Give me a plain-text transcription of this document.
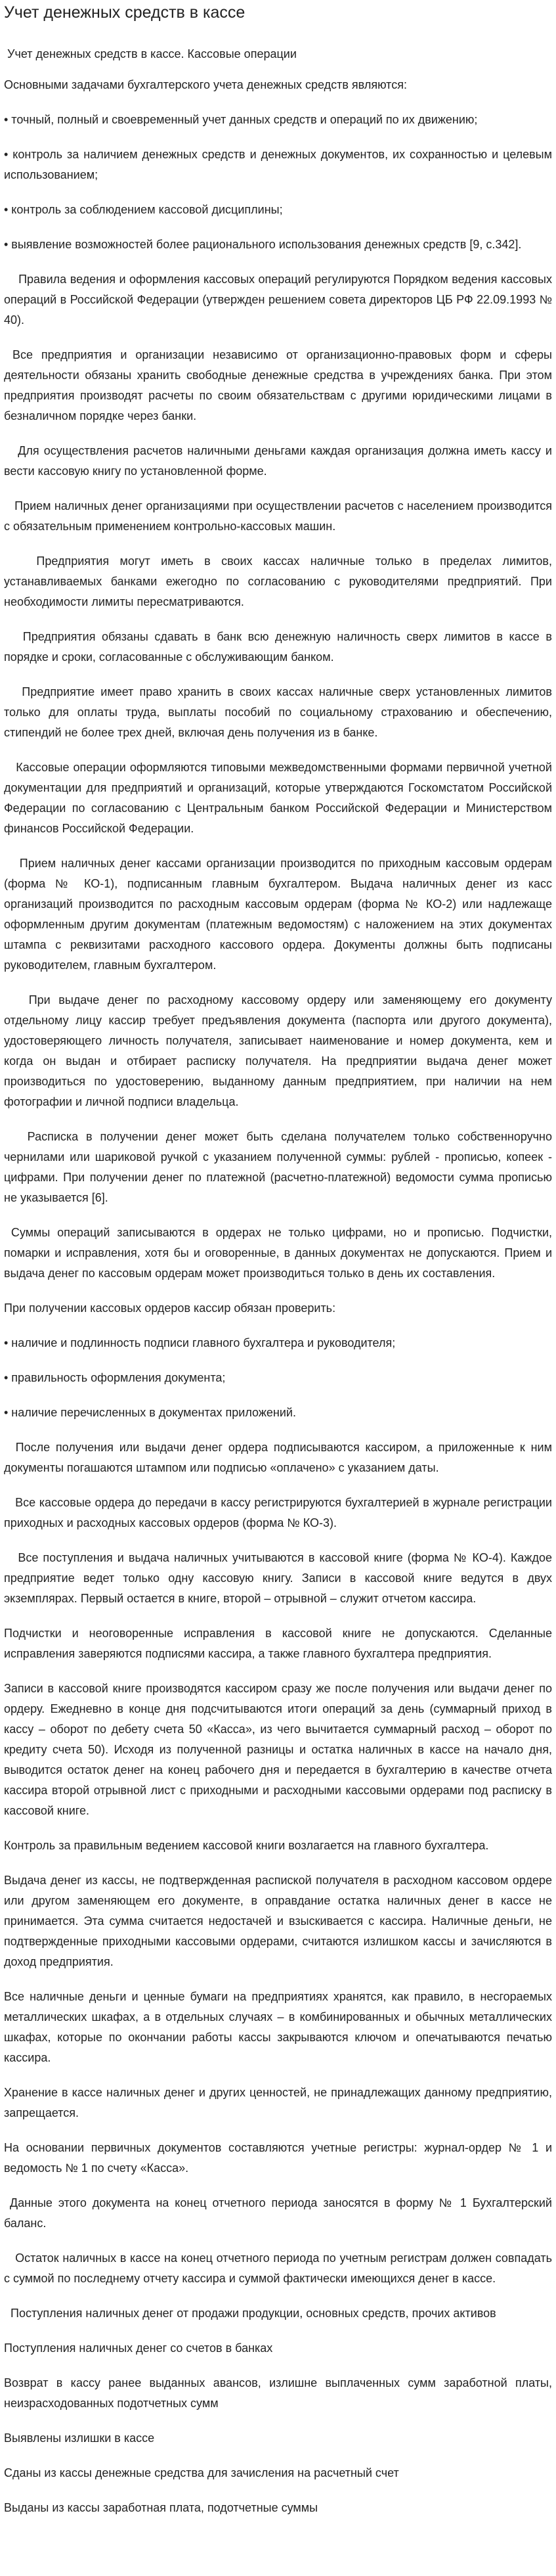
Учет денежных средств в кассе

Учет денежных средств в кассе. Кассовые операции

Основными задачами бухгалтерского учета денежных средств являются:

• точный, полный и своевременный учет данных средств и операций по их движению;

• контроль за наличием денежных средств и денежных документов, их сохранностью и целевым использованием;

• контроль за соблюдением кассовой дисциплины;

• выявление возможностей более рационального использования денежных средств [9, с.342].

Правила ведения и оформления кассовых операций регулируются Порядком ведения кассовых операций в Российской Федерации (утвержден решением совета директоров ЦБ РФ 22.09.1993 № 40).

Все предприятия и организации независимо от организационно-правовых форм и сферы деятельности обязаны хранить свободные денежные средства в учреждениях банка. При этом предприятия производят расчеты по своим обязательствам с другими юридическими лицами в безналичном порядке через банки.

Для осуществления расчетов наличными деньгами каждая организация должна иметь кассу и вести кассовую книгу по установленной форме.

Прием наличных денег организациями при осуществлении расчетов с населением производится с обязательным применением контрольно-кассовых машин.

Предприятия могут иметь в своих кассах наличные только в пределах лимитов, устанавливаемых банками ежегодно по согласованию с руководителями предприятий. При необходимости лимиты пересматриваются.

Предприятия обязаны сдавать в банк всю денежную наличность сверх лимитов в кассе в порядке и сроки, согласованные с обслуживающим банком.

Предприятие имеет право хранить в своих кассах наличные сверх установленных лимитов только для оплаты труда, выплаты пособий по социальному страхованию и обеспечению, стипендий не более трех дней, включая день получения из в банке.

Кассовые операции оформляются типовыми межведомственными формами первичной учетной документации для предприятий и организаций, которые утверждаются Госкомстатом Российской Федерации по согласованию с Центральным банком Российской Федерации и Министерством финансов Российской Федерации.

Прием наличных денег кассами организации производится по приходным кассовым ордерам (форма № КО-1), подписанным главным бухгалтером. Выдача наличных денег из касс организаций производится по расходным кассовым ордерам (форма № КО-2) или надлежаще оформленным другим документам (платежным ведомостям) с наложением на этих документах штампа с реквизитами расходного кассового ордера. Документы должны быть подписаны руководителем, главным бухгалтером.

При выдаче денег по расходному кассовому ордеру или заменяющему его документу отдельному лицу кассир требует предъявления документа (паспорта или другого документа), удостоверяющего личность получателя, записывает наименование и номер документа, кем и когда он выдан и отбирает расписку получателя. На предприятии выдача денег может производиться по удостоверению, выданному данным предприятием, при наличии на нем фотографии и личной подписи владельца.

Расписка в получении денег может быть сделана получателем только собственноручно чернилами или шариковой ручкой с указанием полученной суммы: рублей - прописью, копеек - цифрами. При получении денег по платежной (расчетно-платежной) ведомости сумма прописью не указывается [6].

Суммы операций записываются в ордерах не только цифрами, но и прописью. Подчистки, помарки и исправления, хотя бы и оговоренные, в данных документах не допускаются. Прием и выдача денег по кассовым ордерам может производиться только в день их составления.

При получении кассовых ордеров кассир обязан проверить:

• наличие и подлинность подписи главного бухгалтера и руководителя;

• правильность оформления документа;

• наличие перечисленных в документах приложений.

После получения или выдачи денег ордера подписываются кассиром, а приложенные к ним документы погашаются штампом или подписью «оплачено» с указанием даты.

Все кассовые ордера до передачи в кассу регистрируются бухгалтерией в журнале регистрации приходных и расходных кассовых ордеров (форма № КО-3).

Все поступления и выдача наличных учитываются в кассовой книге (форма № КО-4). Каждое предприятие ведет только одну кассовую книгу. Записи в кассовой книге ведутся в двух экземплярах. Первый остается в книге, второй – отрывной – служит отчетом кассира.

Подчистки и неоговоренные исправления в кассовой книге не допускаются. Сделанные исправления заверяются подписями кассира, а также главного бухгалтера предприятия.

Записи в кассовой книге производятся кассиром сразу же после получения или выдачи денег по ордеру. Ежедневно в конце дня подсчитываются итоги операций за день (суммарный приход в кассу – оборот по дебету счета 50 «Касса», из чего вычитается суммарный расход – оборот по кредиту счета 50). Исходя из полученной разницы и остатка наличных в кассе на начало дня, выводится остаток денег на конец рабочего дня и передается в бухгалтерию в качестве отчета кассира второй отрывной лист с приходными и расходными кассовыми ордерами под расписку в кассовой книге.

Контроль за правильным ведением кассовой книги возлагается на главного бухгалтера.

Выдача денег из кассы, не подтвержденная распиской получателя в расходном кассовом ордере или другом заменяющем его документе, в оправдание остатка наличных денег в кассе не принимается. Эта сумма считается недостачей и взыскивается с кассира. Наличные деньги, не подтвержденные приходными кассовыми ордерами, считаются излишком кассы и зачисляются в доход предприятия.

Все наличные деньги и ценные бумаги на предприятиях хранятся, как правило, в несгораемых металлических шкафах, а в отдельных случаях – в комбинированных и обычных металлических шкафах, которые по окончании работы кассы закрываются ключом и опечатываются печатью кассира.

Хранение в кассе наличных денег и других ценностей, не принадлежащих данному предприятию, запрещается.

На основании первичных документов составляются учетные регистры: журнал-ордер № 1 и ведомость № 1 по счету «Касса».

Данные этого документа на конец отчетного периода заносятся в форму № 1 Бухгалтерский баланс.

Остаток наличных в кассе на конец отчетного периода по учетным регистрам должен совпадать с суммой по последнему отчету кассира и суммой фактически имеющихся денег в кассе.

Поступления наличных денег от продажи продукции, основных средств, прочих активов

Поступления наличных денег со счетов в банках

Возврат в кассу ранее выданных авансов, излишне выплаченных сумм заработной платы, неизрасходованных подотчетных сумм

Выявлены излишки в кассе

Сданы из кассы денежные средства для зачисления на расчетный счет

Выданы из кассы заработная плата, подотчетные суммы
